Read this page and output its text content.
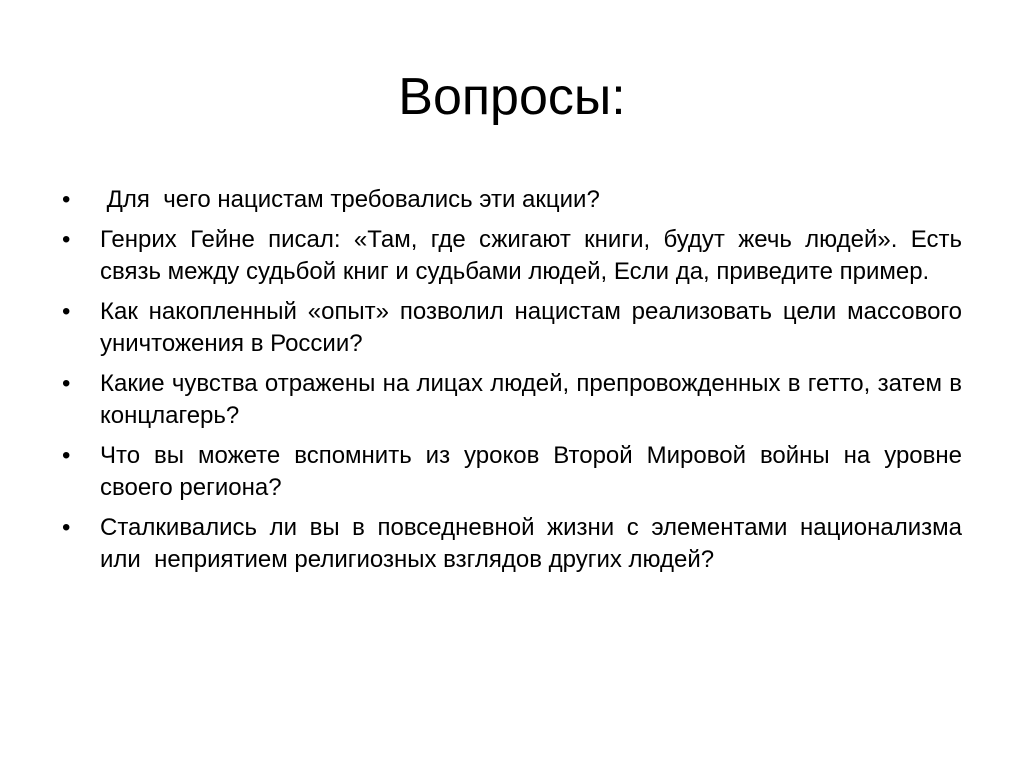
Вопросы:
•	Для  чего нацистам требовались эти акции?
•	Генрих Гейне писал: «Там, где сжигают книги, будут жечь людей». Есть связь между судьбой книг и судьбами людей, Если да, приведите пример.
•	Как накопленный «опыт» позволил нацистам реализовать цели массового уничтожения в России?
•	Какие чувства отражены на лицах людей, препровожденных в гетто, затем в концлагерь?
•	Что вы можете вспомнить из уроков Второй Мировой войны на уровне своего региона?
•	Сталкивались ли вы в повседневной жизни с элементами национализма или  неприятием религиозных взглядов других людей?
